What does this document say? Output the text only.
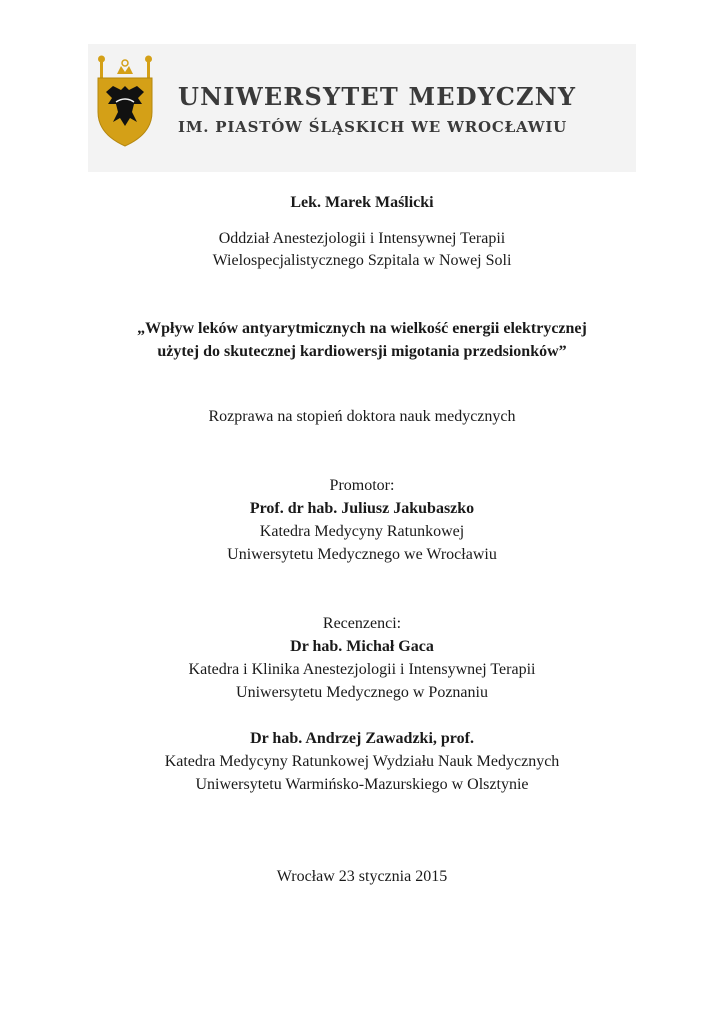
UNIWERSYTET MEDYCZNY
IM. PIASTÓW ŚLĄSKICH WE WROCŁAWIU
Lek. Marek Maślicki
Oddział Anestezjologii i Intensywnej Terapii
Wielospecjalistycznego Szpitala w Nowej Soli
„Wpływ leków antyarytmicznych na wielkość energii elektrycznej
użytej do skutecznej kardiowersji migotania przedsionków”
Rozprawa na stopień doktora nauk medycznych
Promotor:
Prof. dr hab. Juliusz Jakubaszko
Katedra Medycyny Ratunkowej
Uniwersytetu Medycznego we Wrocławiu
Recenzenci:
Dr hab. Michał Gaca
Katedra i Klinika Anestezjologii i Intensywnej Terapii
Uniwersytetu Medycznego w Poznaniu
Dr hab. Andrzej Zawadzki, prof.
Katedra Medycyny Ratunkowej Wydziału Nauk Medycznych
Uniwersytetu Warmińsko-Mazurskiego w Olsztynie
Wrocław 23 stycznia 2015
